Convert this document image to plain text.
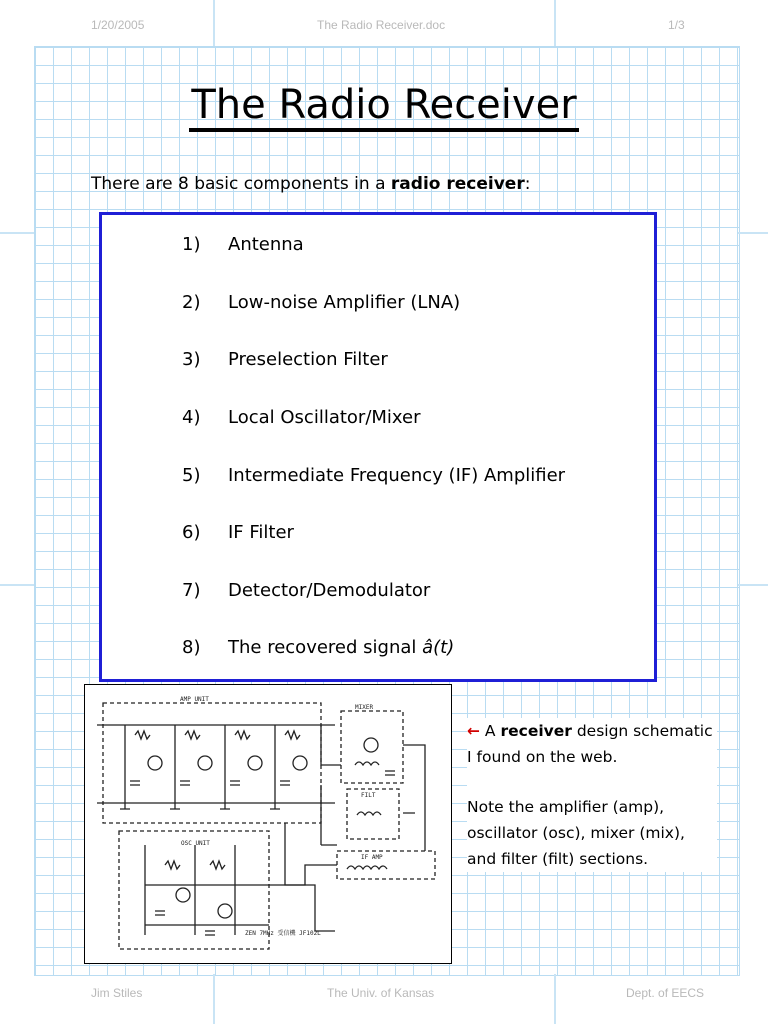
1/20/2005	The Radio Receiver.doc	1/3
Jim Stiles	The Univ. of Kansas	Dept. of EECS
The Radio Receiver
There are 8 basic components in a radio receiver:
1) Antenna
2) Low-noise Amplifier (LNA)
3) Preselection Filter
4) Local Oscillator/Mixer
5) Intermediate Frequency (IF) Amplifier
6) IF Filter
7) Detector/Demodulator
8) The recovered signal â(t)
AMP UNIT
MIXER
FILT
OSC UNIT
IF AMP
ZEN 7MHz 受信機 JF102L

← A receiver design schematic I found on the web.

Note the amplifier (amp), oscillator (osc), mixer (mix), and filter (filt) sections.
